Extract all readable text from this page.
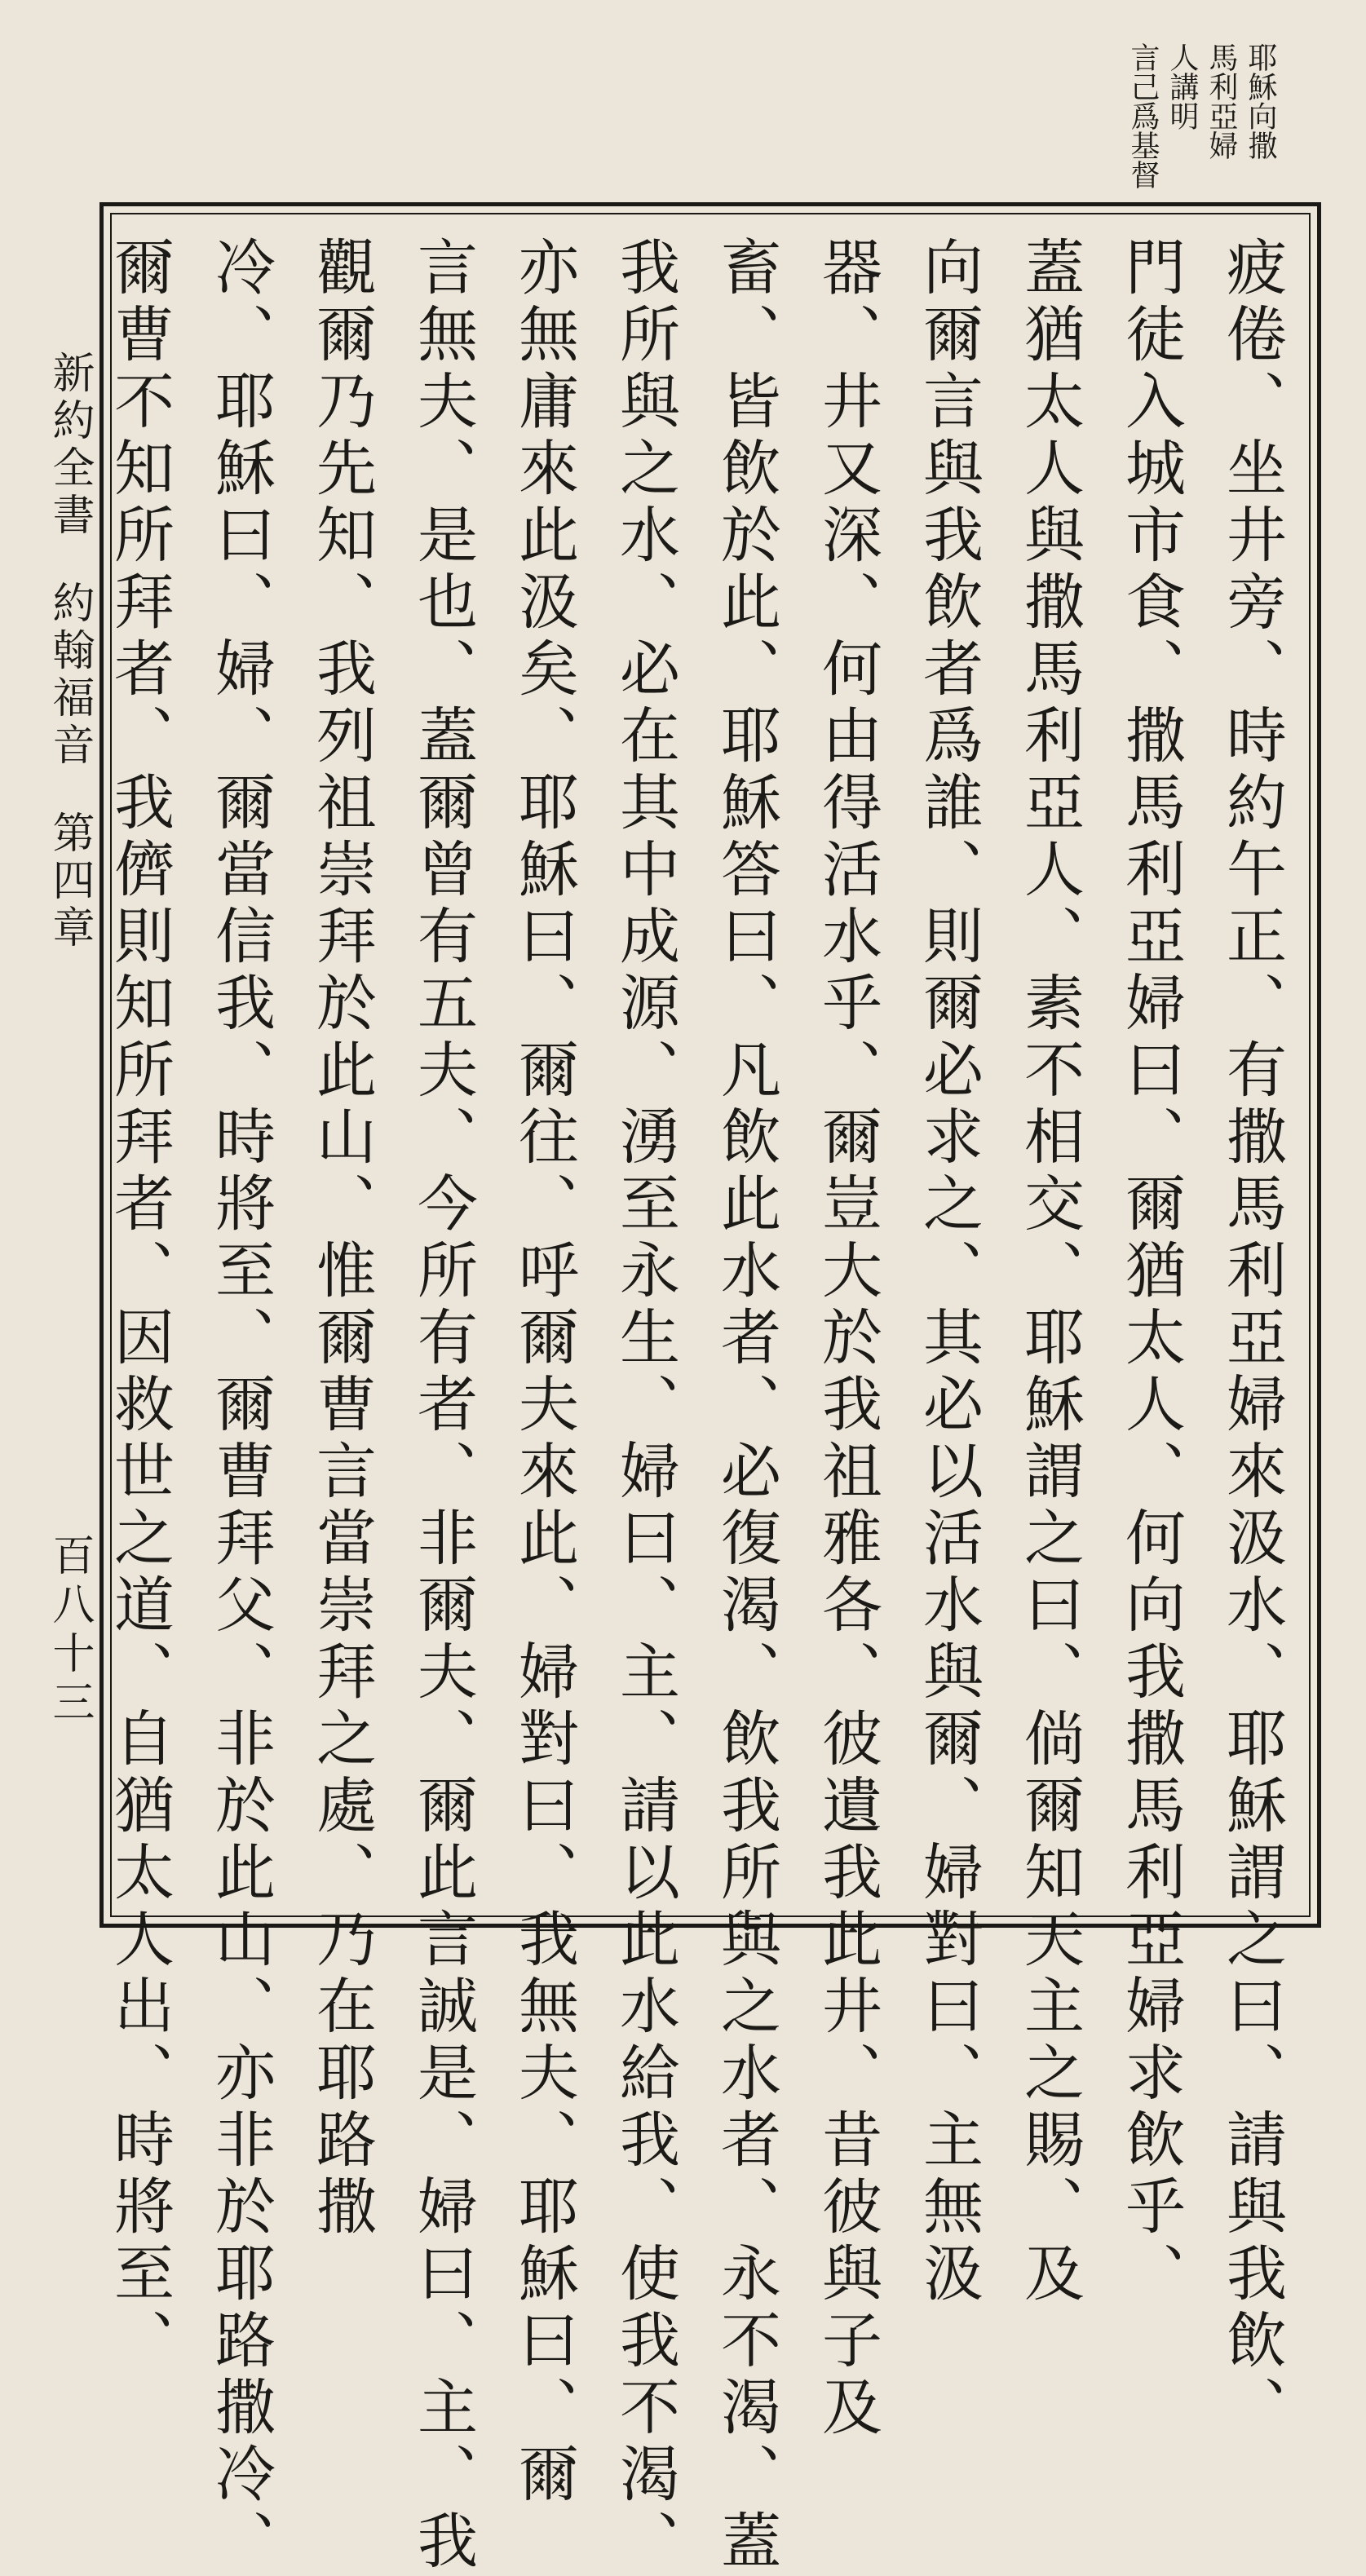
耶穌向撒
馬利亞婦
人講明
言己爲基督
疲倦、坐井旁、時約午正、有撒馬利亞婦來汲水、耶穌謂之曰、請與我飲、
門徒入城市食、撒馬利亞婦曰、爾猶太人、何向我撒馬利亞婦求飲乎、
蓋猶太人與撒馬利亞人、素不相交、耶穌謂之曰、倘爾知天主之賜、及
向爾言與我飲者爲誰、則爾必求之、其必以活水與爾、婦對曰、主無汲
器、井又深、何由得活水乎、爾豈大於我祖雅各、彼遺我此井、昔彼與子及
畜、皆飲於此、耶穌答曰、凡飲此水者、必復渴、飲我所與之水者、永不渴、蓋
我所與之水、必在其中成源、湧至永生、婦曰、主、請以此水給我、使我不渴、
亦無庸來此汲矣、耶穌曰、爾往、呼爾夫來此、婦對曰、我無夫、耶穌曰、爾
言無夫、是也、蓋爾曾有五夫、今所有者、非爾夫、爾此言誠是、婦曰、主、我
觀爾乃先知、我列祖崇拜於此山、惟爾曹言當崇拜之處、乃在耶路撒
冷、耶穌曰、婦、爾當信我、時將至、爾曹拜父、非於此山、亦非於耶路撒冷、
爾曹不知所拜者、我儕則知所拜者、因救世之道、自猶太人出、時將至、
新約全書約翰福音第四章
百八十三
